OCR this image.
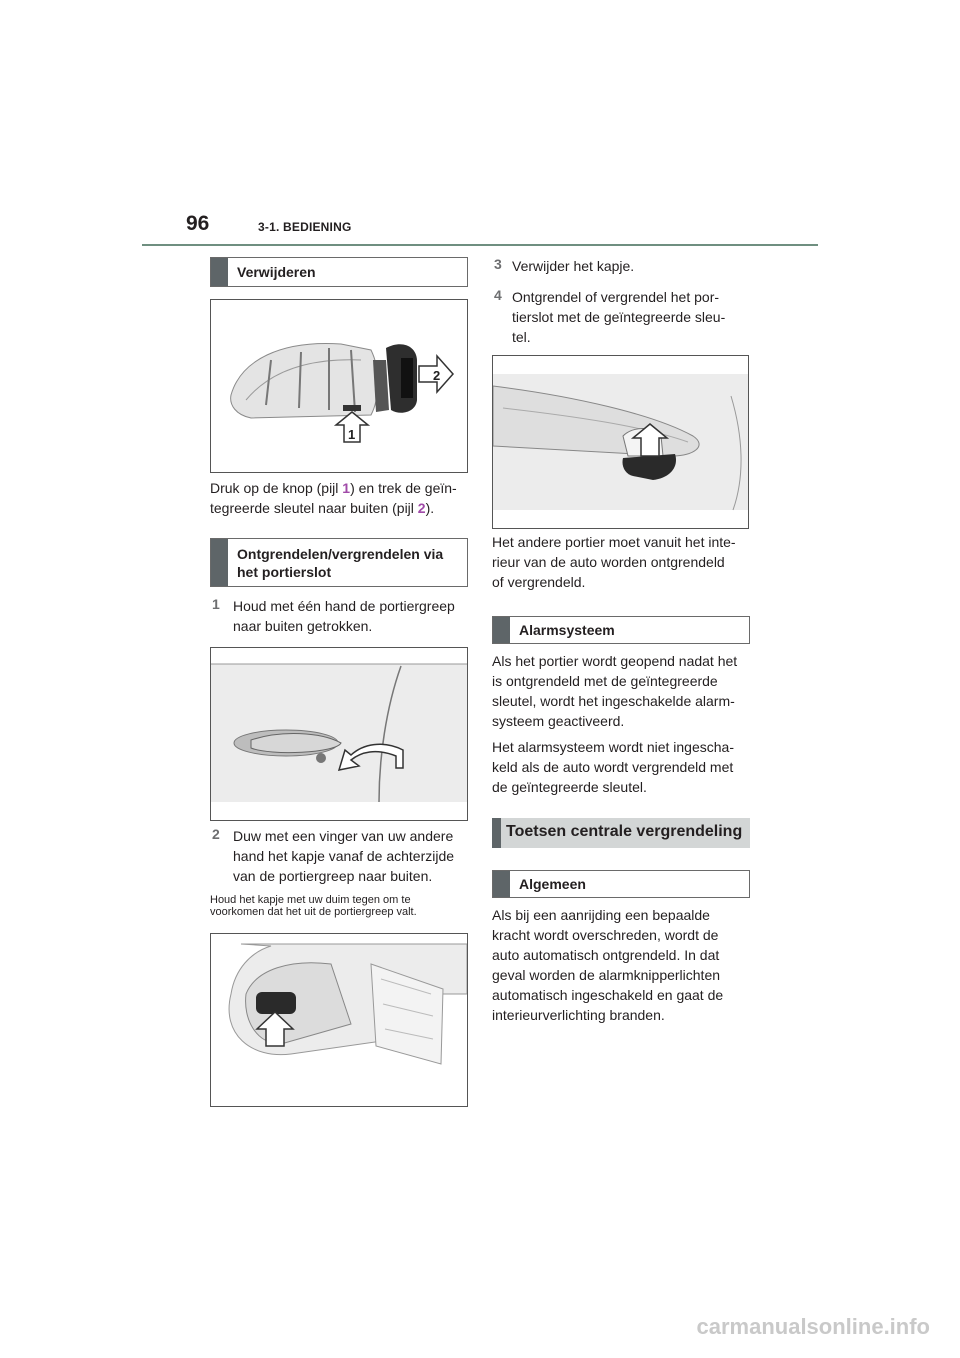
96	3-1. BEDIENING
Verwijderen
2
1
Druk op de knop (pijl 1) en trek de geïn-
tegreerde sleutel naar buiten (pijl 2).
Ontgrendelen/vergrendelen via
het portierslot
1 Houd met één hand de portiergreep
naar buiten getrokken.
2 Duw met een vinger van uw andere
hand het kapje vanaf de achterzijde
van de portiergreep naar buiten.
Houd het kapje met uw duim tegen om te
voorkomen dat het uit de portiergreep valt.
3 Verwijder het kapje.
4 Ontgrendel of vergrendel het por-
tierslot met de geïntegreerde sleu-
tel.
Het andere portier moet vanuit het inte-
rieur van de auto worden ontgrendeld
of vergrendeld.
Alarmsysteem
Als het portier wordt geopend nadat het
is ontgrendeld met de geïntegreerde
sleutel, wordt het ingeschakelde alarm-
systeem geactiveerd.
Het alarmsysteem wordt niet ingescha-
keld als de auto wordt vergrendeld met
de geïntegreerde sleutel.
Toetsen centrale vergrendeling
Algemeen
Als bij een aanrijding een bepaalde
kracht wordt overschreden, wordt de
auto automatisch ontgrendeld. In dat
geval worden de alarmknipperlichten
automatisch ingeschakeld en gaat de
interieurverlichting branden.
carmanualsonline.info
